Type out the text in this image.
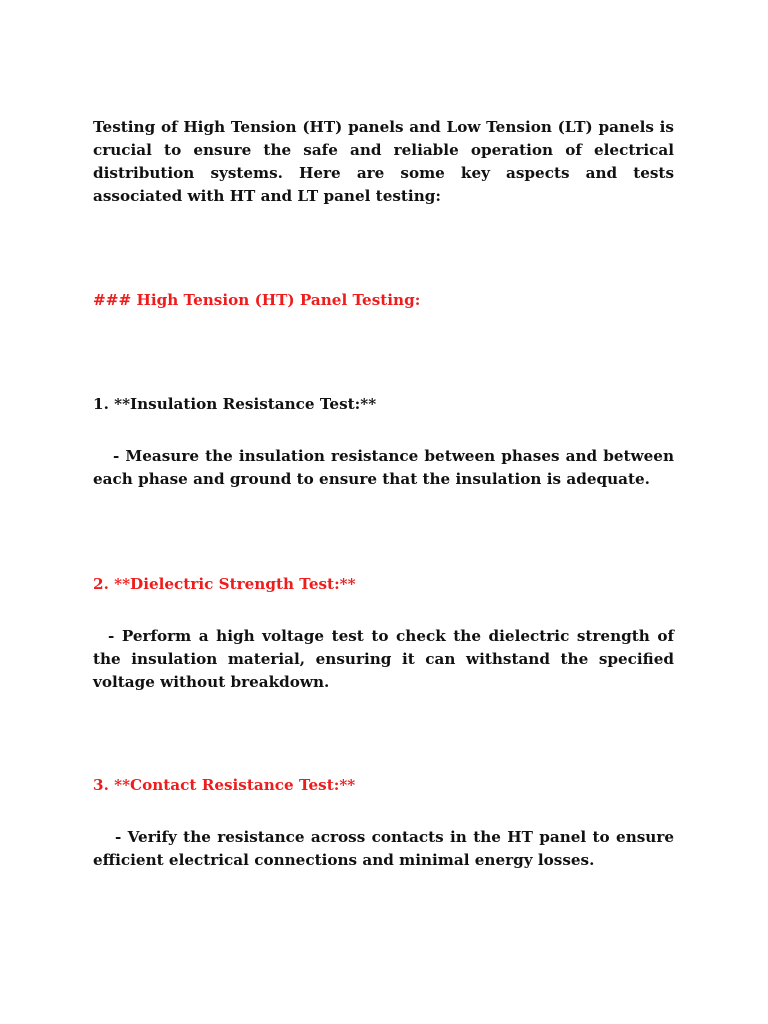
Testing of High Tension (HT) panels and Low Tension (LT) panels is crucial to ensure the safe and reliable operation of electrical distribution systems. Here are some key aspects and tests associated with HT and LT panel testing:

### High Tension (HT) Panel Testing:

1. **Insulation Resistance Test:**

- Measure the insulation resistance between phases and between each phase and ground to ensure that the insulation is adequate.

2. **Dielectric Strength Test:**

- Perform a high voltage test to check the dielectric strength of the insulation material, ensuring it can withstand the specified voltage without breakdown.

3. **Contact Resistance Test:**

- Verify the resistance across contacts in the HT panel to ensure efficient electrical connections and minimal energy losses.
